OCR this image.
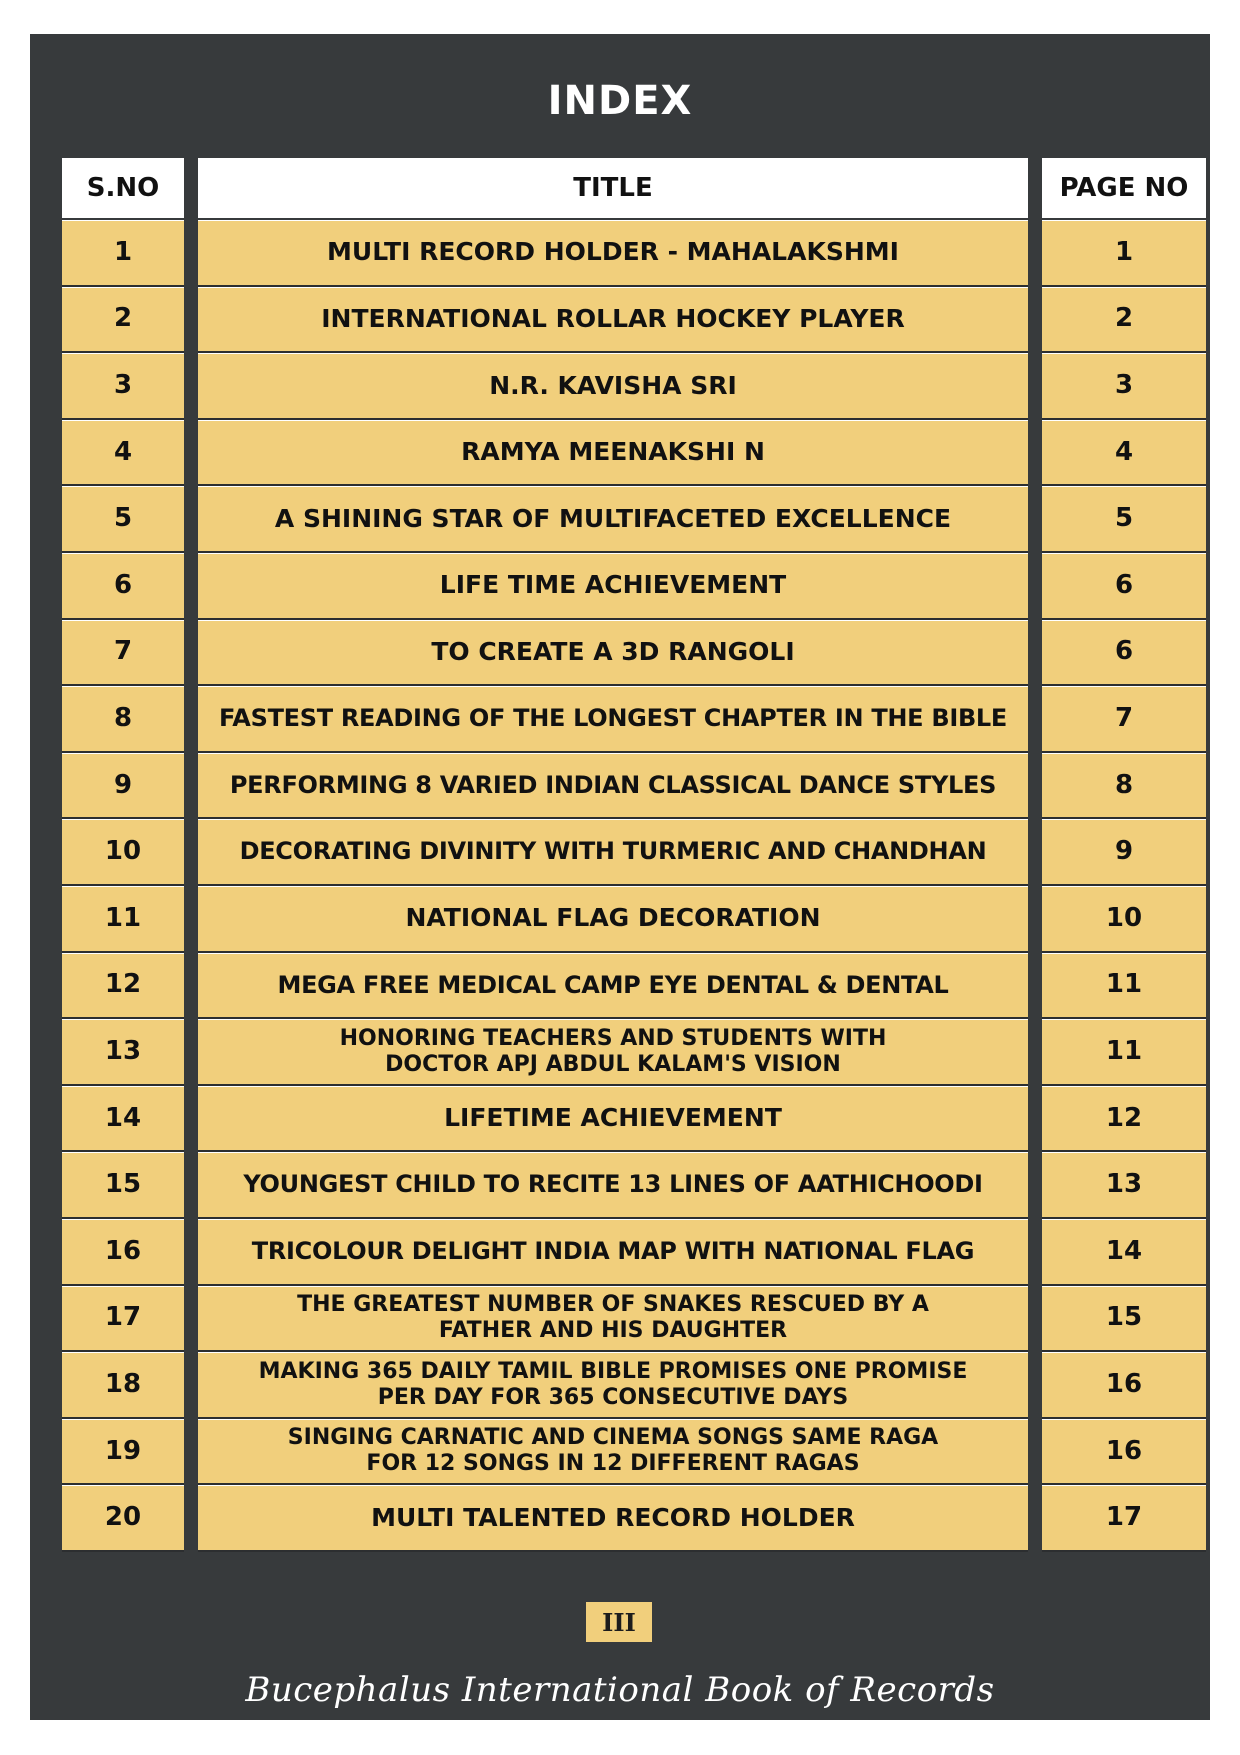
INDEX
S.NO
1
2
3
4
5
6
7
8
9
10
11
12
13
14
15
16
17
18
19
20
TITLE
MULTI RECORD HOLDER - MAHALAKSHMI
INTERNATIONAL ROLLAR HOCKEY PLAYER
N.R. KAVISHA SRI
RAMYA MEENAKSHI N
A SHINING STAR OF MULTIFACETED EXCELLENCE
LIFE TIME ACHIEVEMENT
TO CREATE A 3D RANGOLI
FASTEST READING OF THE LONGEST CHAPTER IN THE BIBLE
PERFORMING 8 VARIED INDIAN CLASSICAL DANCE STYLES
DECORATING DIVINITY WITH TURMERIC AND CHANDHAN
NATIONAL FLAG DECORATION
MEGA FREE MEDICAL CAMP EYE DENTAL & DENTAL
HONORING TEACHERS AND STUDENTS WITH
DOCTOR APJ ABDUL KALAM'S VISION
LIFETIME ACHIEVEMENT
YOUNGEST CHILD TO RECITE 13 LINES OF AATHICHOODI
TRICOLOUR DELIGHT INDIA MAP WITH NATIONAL FLAG
THE GREATEST NUMBER OF SNAKES RESCUED BY A
FATHER AND HIS DAUGHTER
MAKING 365 DAILY TAMIL BIBLE PROMISES ONE PROMISE
PER DAY FOR 365 CONSECUTIVE DAYS
SINGING CARNATIC AND CINEMA SONGS SAME RAGA
FOR 12 SONGS IN 12 DIFFERENT RAGAS
MULTI TALENTED RECORD HOLDER
PAGE NO
1
2
3
4
5
6
6
7
8
9
10
11
11
12
13
14
15
16
16
17
III
Bucephalus International Book of Records
